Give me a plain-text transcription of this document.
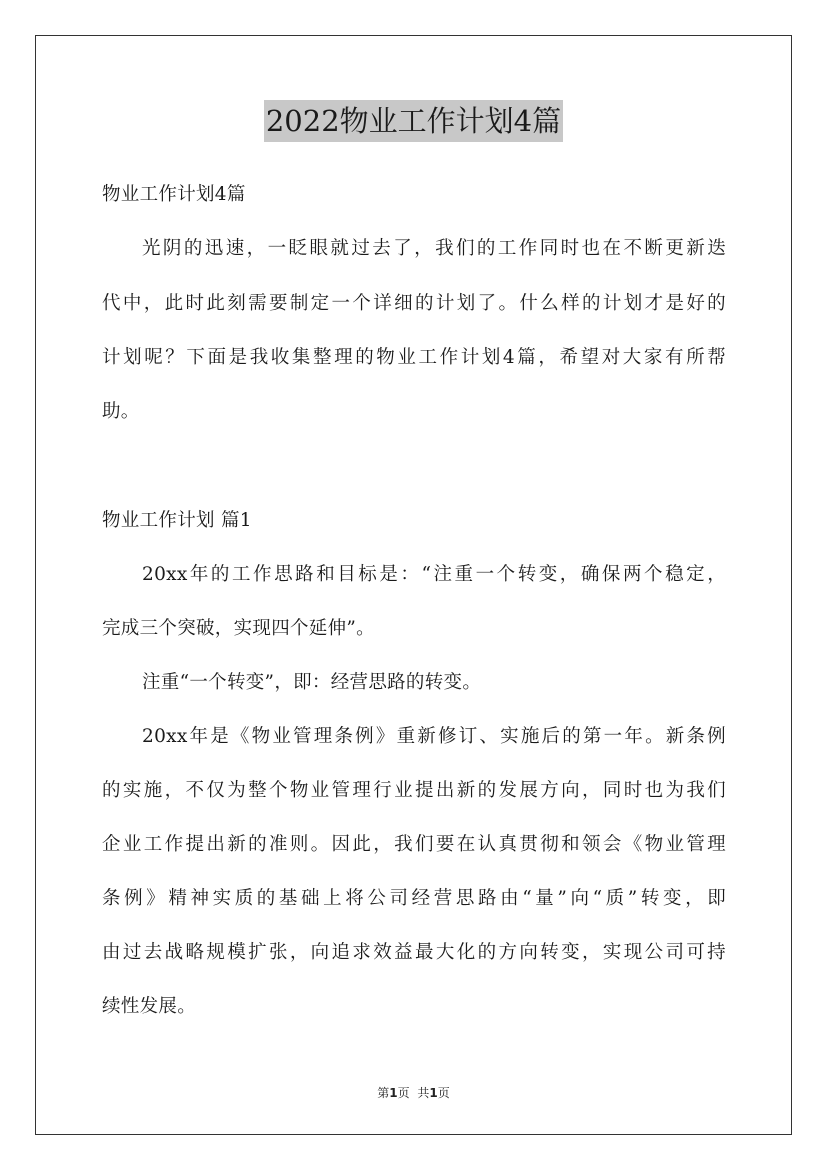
2022物业工作计划4篇
物业工作计划4篇
光阴的迅速，一眨眼就过去了，我们的工作同时也在不断更新迭
代中，此时此刻需要制定一个详细的计划了。什么样的计划才是好的
计划呢？下面是我收集整理的物业工作计划4篇，希望对大家有所帮
助。
物业工作计划 篇1
20xx年的工作思路和目标是：“注重一个转变，确保两个稳定，
完成三个突破，实现四个延伸”。
注重“一个转变”，即：经营思路的转变。
20xx年是《物业管理条例》重新修订、实施后的第一年。新条例
的实施，不仅为整个物业管理行业提出新的发展方向，同时也为我们
企业工作提出新的准则。因此，我们要在认真贯彻和领会《物业管理
条例》精神实质的基础上将公司经营思路由“量”向“质”转变，即
由过去战略规模扩张，向追求效益最大化的方向转变，实现公司可持
续性发展。
第1页 共1页
